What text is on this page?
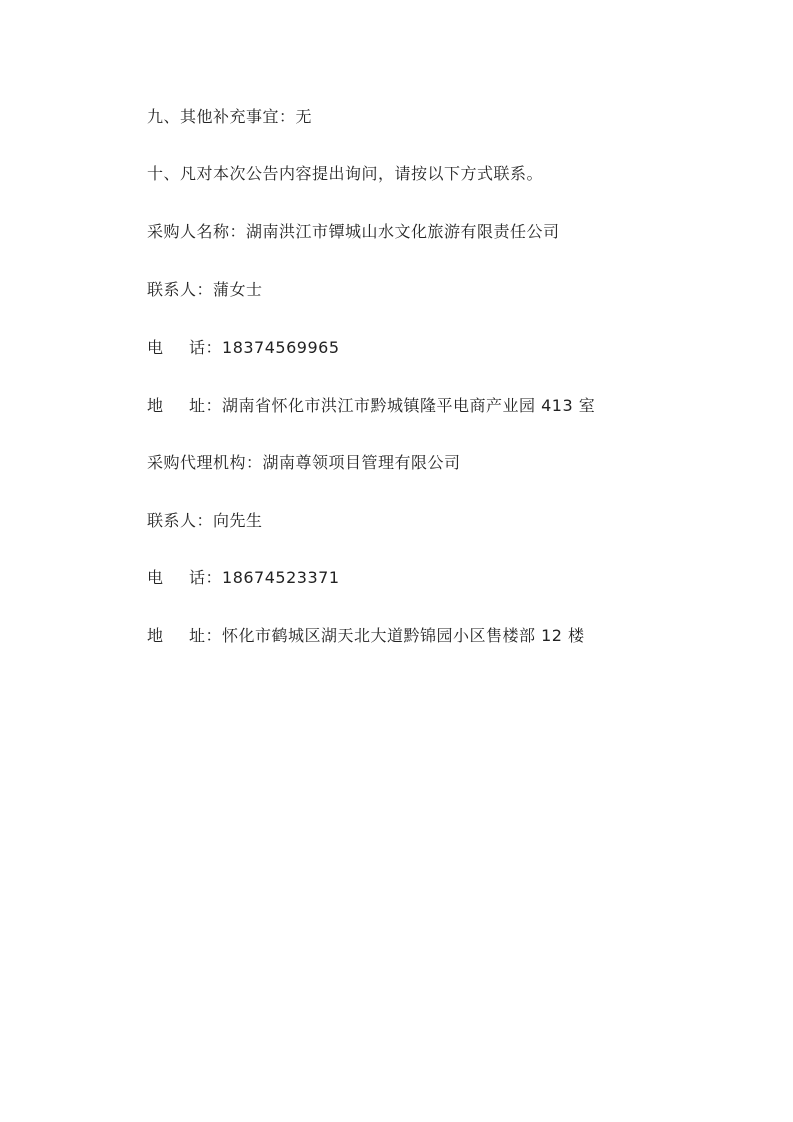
九、其他补充事宜：无
十、凡对本次公告内容提出询问，请按以下方式联系。
采购人名称：湖南洪江市镡城山水文化旅游有限责任公司
联系人：蒲女士
电 话：18374569965
地 址：湖南省怀化市洪江市黔城镇隆平电商产业园 413 室
采购代理机构：湖南尊领项目管理有限公司
联系人：向先生
电 话：18674523371
地 址：怀化市鹤城区湖天北大道黔锦园小区售楼部 12 楼
